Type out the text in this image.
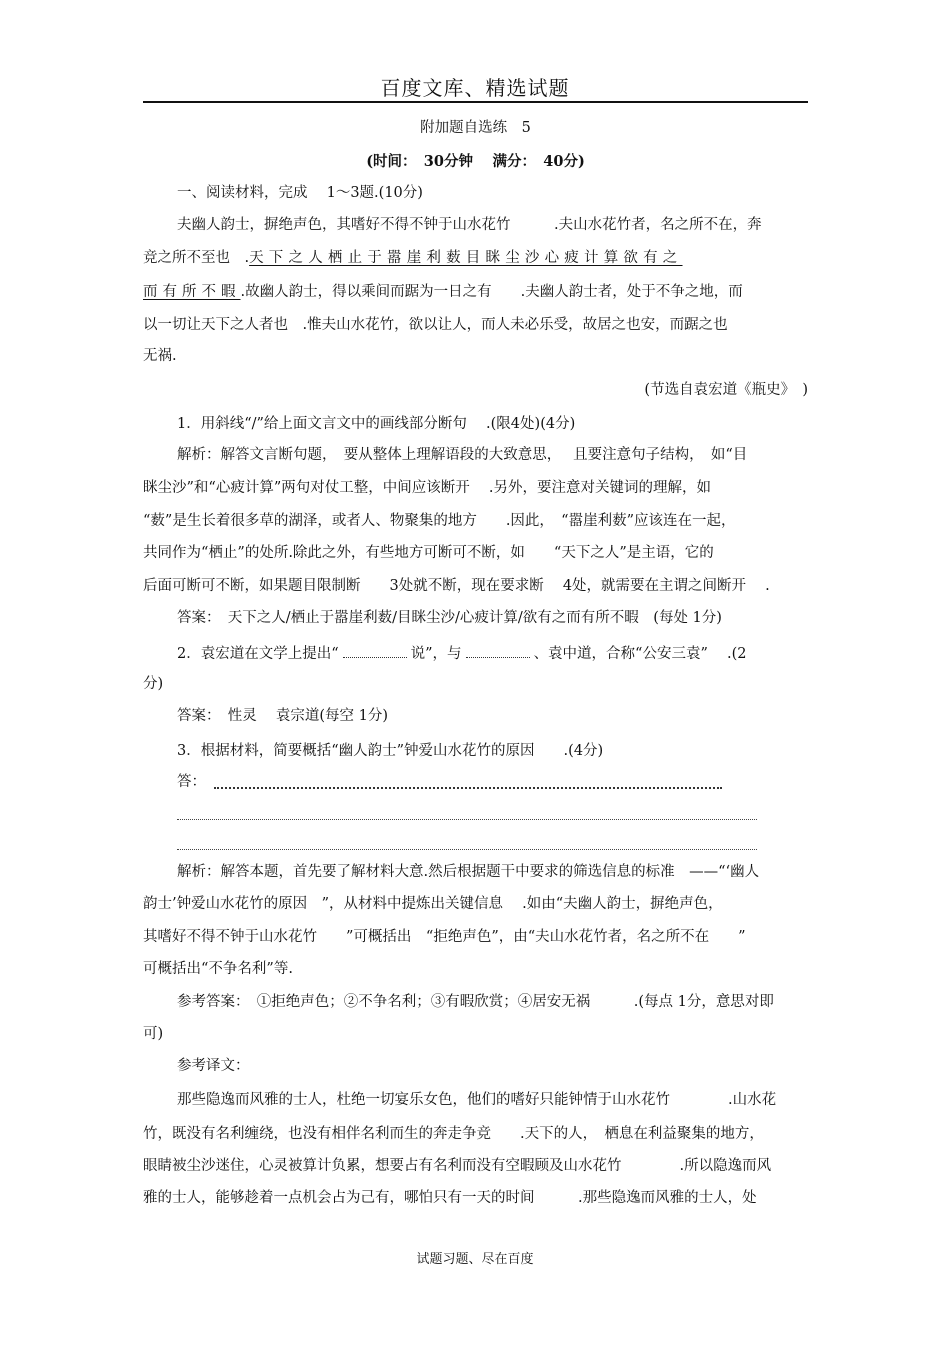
百度文库、精选试题
附加题自选练　5
(时间：　30分钟　 满分：　40分)
一、阅读材料，完成　 1～3题.(10分)
夫幽人韵士，摒绝声色，其嗜好不得不钟于山水花竹　　　.夫山水花竹者，名之所不在，奔
竞之所不至也　.天下之人栖止于嚣崖利薮目眯尘沙心疲计算欲有之
而有所不暇.故幽人韵士，得以乘间而踞为一日之有　　.夫幽人韵士者，处于不争之地，而
以一切让天下之人者也　.惟夫山水花竹，欲以让人，而人未必乐受，故居之也安，而踞之也
无祸.
(节选自袁宏道《瓶史》　)
1．用斜线“/”给上面文言文中的画线部分断句　 .(限4处)(4分)
解析：解答文言断句题，　要从整体上理解语段的大致意思，　 且要注意句子结构，　如“目
眯尘沙”和“心疲计算”两句对仗工整，中间应该断开　 .另外，要注意对关键词的理解，如
“薮”是生长着很多草的湖泽，或者人、物聚集的地方　　.因此，　“嚣崖利薮”应该连在一起，
共同作为“栖止”的处所.除此之外，有些地方可断可不断，如　　“天下之人”是主语，它的
后面可断可不断，如果题目限制断　　3处就不断，现在要求断　 4处，就需要在主谓之间断开　 .
答案：　天下之人/栖止于嚣崖利薮/目眯尘沙/心疲计算/欲有之而有所不暇　(每处 1分)
2．袁宏道在文学上提出“	说”，与	、袁中道，合称“公安三袁”　 .(2
分)
答案：　性灵　 袁宗道(每空 1分)
3．根据材料，简要概括“幽人韵士”钟爱山水花竹的原因　　.(4分)
答：
解析：解答本题，首先要了解材料大意.然后根据题干中要求的筛选信息的标准　——“‘幽人
韵士’钟爱山水花竹的原因　”，从材料中提炼出关键信息　 .如由“夫幽人韵士，摒绝声色，
其嗜好不得不钟于山水花竹　　”可概括出　“拒绝声色”，由“夫山水花竹者，名之所不在　　”
可概括出“不争名利”等.
参考答案：　①拒绝声色；②不争名利；③有暇欣赏；④居安无祸　　　.(每点 1分，意思对即
可)
参考译文：
那些隐逸而风雅的士人，杜绝一切宴乐女色，他们的嗜好只能钟情于山水花竹　　　　.山水花
竹，既没有名利缠绕，也没有相伴名利而生的奔走争竞　　.天下的人，　栖息在利益聚集的地方，
眼睛被尘沙迷住，心灵被算计负累，想要占有名利而没有空暇顾及山水花竹　　　　.所以隐逸而风
雅的士人，能够趁着一点机会占为己有，哪怕只有一天的时间　　　.那些隐逸而风雅的士人，处
试题习题、尽在百度
